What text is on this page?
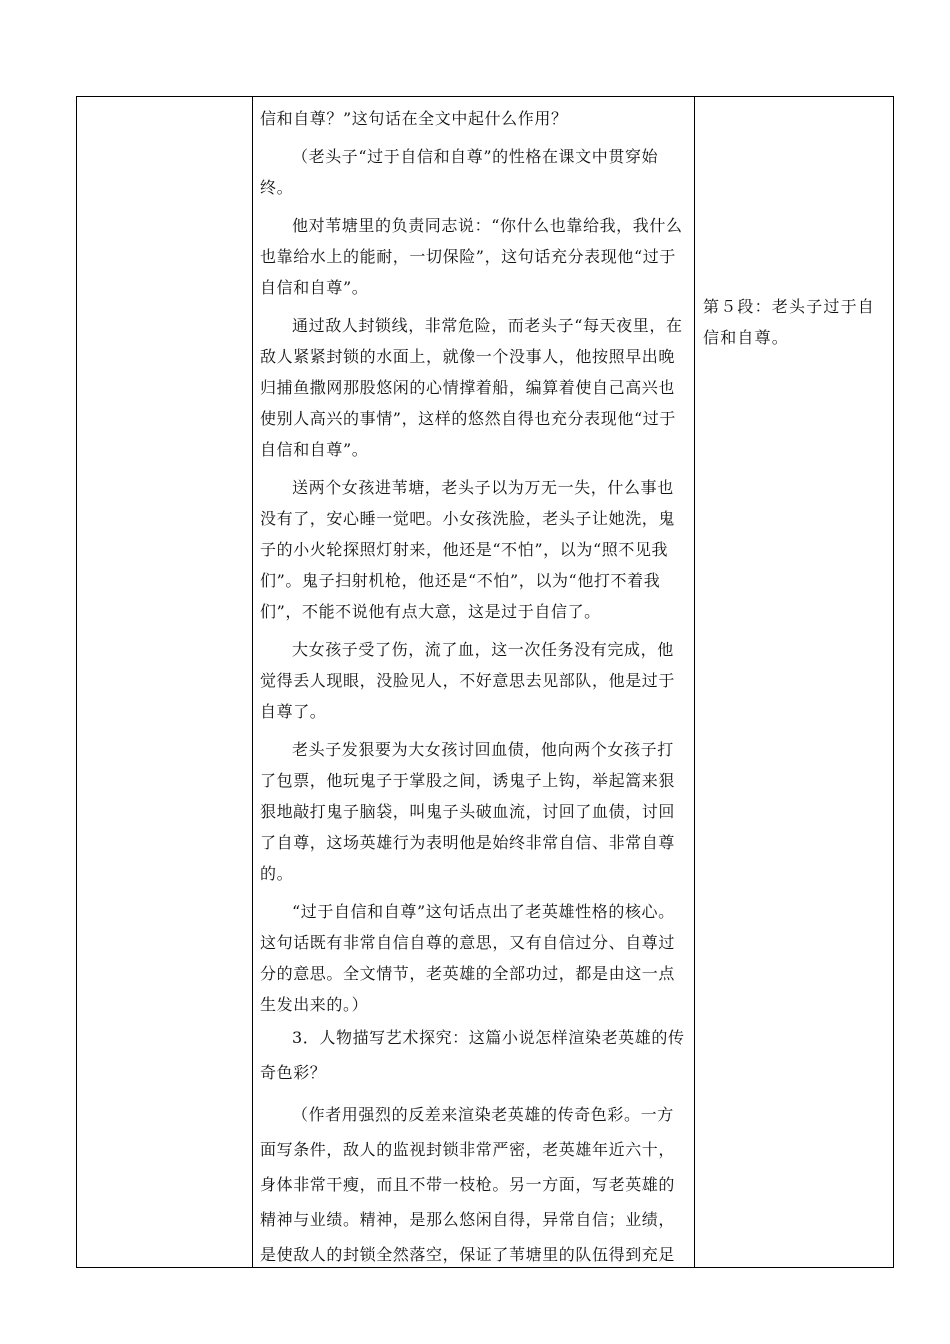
信和自尊？”这句话在全文中起什么作用？

（老头子“过于自信和自尊”的性格在课文中贯穿始终。

他对苇塘里的负责同志说：“你什么也靠给我，我什么也靠给水上的能耐，一切保险”，这句话充分表现他“过于自信和自尊”。

通过敌人封锁线，非常危险，而老头子“每天夜里，在敌人紧紧封锁的水面上，就像一个没事人，他按照早出晚归捕鱼撒网那股悠闲的心情撑着船，编算着使自己高兴也使别人高兴的事情”，这样的悠然自得也充分表现他“过于自信和自尊”。

送两个女孩进苇塘，老头子以为万无一失，什么事也没有了，安心睡一觉吧。小女孩洗脸，老头子让她洗，鬼子的小火轮探照灯射来，他还是“不怕”，以为“照不见我们”。鬼子扫射机枪，他还是“不怕”，以为“他打不着我们”，不能不说他有点大意，这是过于自信了。

大女孩子受了伤，流了血，这一次任务没有完成，他觉得丢人现眼，没脸见人，不好意思去见部队，他是过于自尊了。

老头子发狠要为大女孩讨回血债，他向两个女孩子打了包票，他玩鬼子于掌股之间，诱鬼子上钩，举起篙来狠狠地敲打鬼子脑袋，叫鬼子头破血流，讨回了血债，讨回了自尊，这场英雄行为表明他是始终非常自信、非常自尊的。

“过于自信和自尊”这句话点出了老英雄性格的核心。这句话既有非常自信自尊的意思，又有自信过分、自尊过分的意思。全文情节，老英雄的全部功过，都是由这一点生发出来的。）

3．人物描写艺术探究：这篇小说怎样渲染老英雄的传奇色彩？

（作者用强烈的反差来渲染老英雄的传奇色彩。一方面写条件，敌人的监视封锁非常严密，老英雄年近六十，身体非常干瘦，而且不带一枝枪。另一方面，写老英雄的精神与业绩。精神，是那么悠闲自得，异常自信；业绩，是使敌人的封锁全然落空，保证了苇塘里的队伍得到充足

第５段：老头子过于自信和自尊。
